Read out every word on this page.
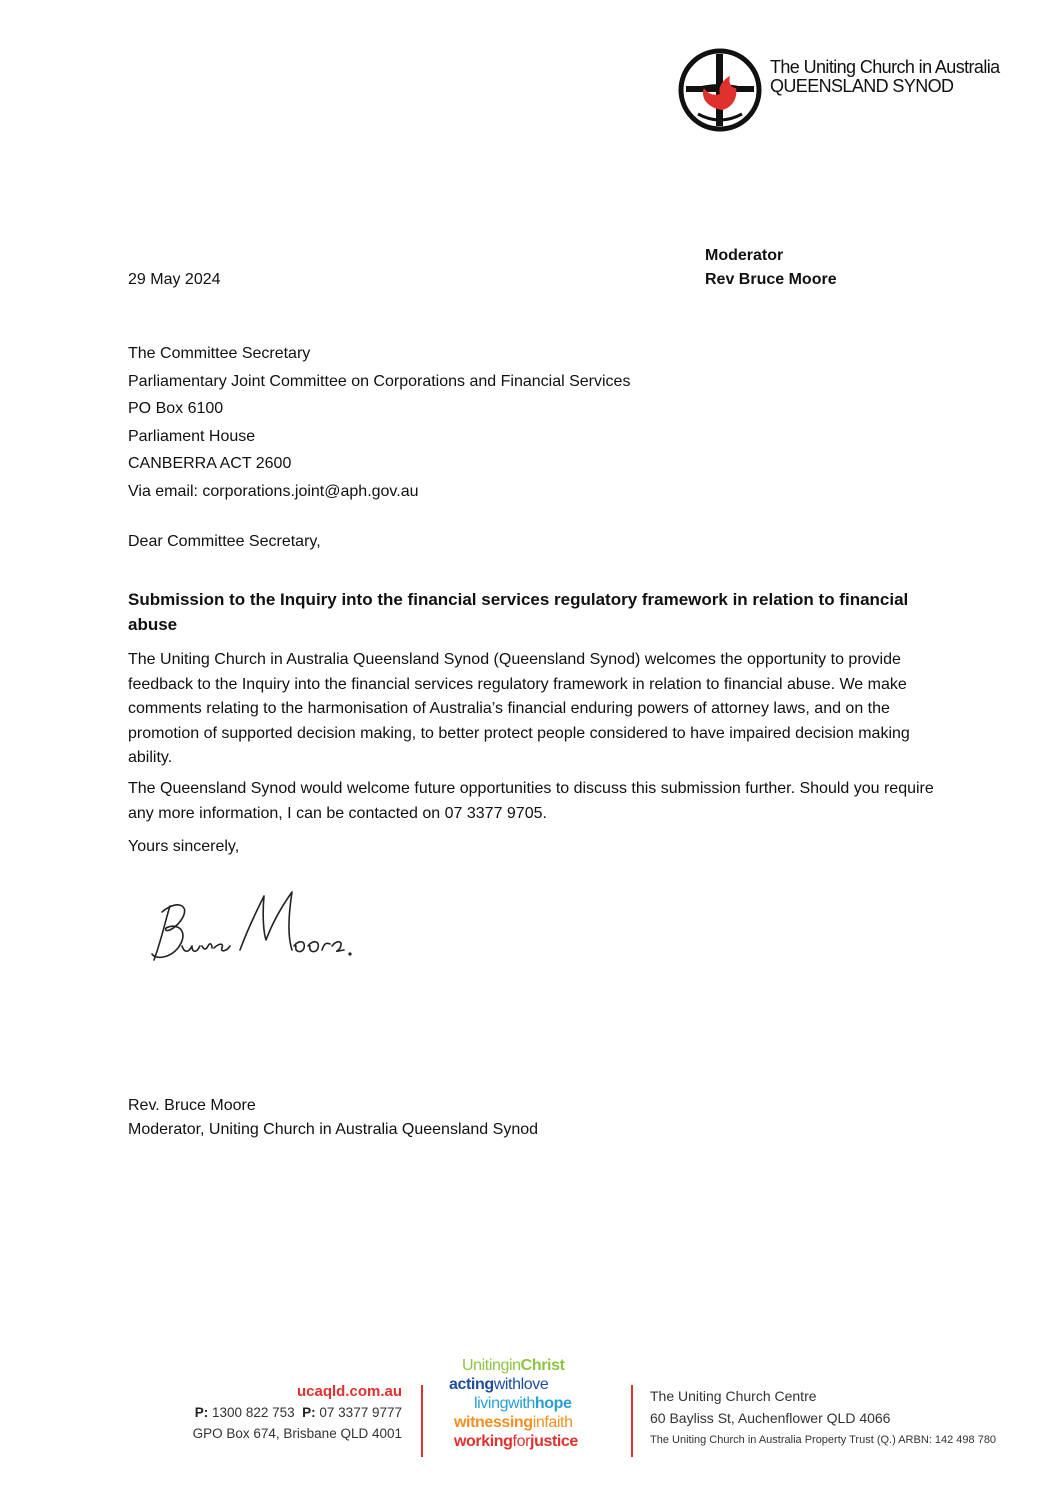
The Uniting Church in Australia
QUEENSLAND SYNOD
Moderator
Rev Bruce Moore
29 May 2024
The Committee Secretary
Parliamentary Joint Committee on Corporations and Financial Services
PO Box 6100
Parliament House
CANBERRA ACT 2600
Via email: corporations.joint@aph.gov.au
Dear Committee Secretary,
Submission to the Inquiry into the financial services regulatory framework in relation to financial abuse
The Uniting Church in Australia Queensland Synod (Queensland Synod) welcomes the opportunity to provide feedback to the Inquiry into the financial services regulatory framework in relation to financial abuse. We make comments relating to the harmonisation of Australia’s financial enduring powers of attorney laws, and on the promotion of supported decision making, to better protect people considered to have impaired decision making ability.
The Queensland Synod would welcome future opportunities to discuss this submission further. Should you require any more information, I can be contacted on 07 3377 9705.
Yours sincerely,
Rev. Bruce Moore
Moderator, Uniting Church in Australia Queensland Synod
ucaqld.com.au
P: 1300 822 753 P: 07 3377 9777
GPO Box 674, Brisbane QLD 4001
UnitinginChrist
actingwithlove
livingwithhope
witnessinginfaith
workingforjustice
The Uniting Church Centre
60 Bayliss St, Auchenflower QLD 4066
The Uniting Church in Australia Property Trust (Q.) ARBN: 142 498 780
